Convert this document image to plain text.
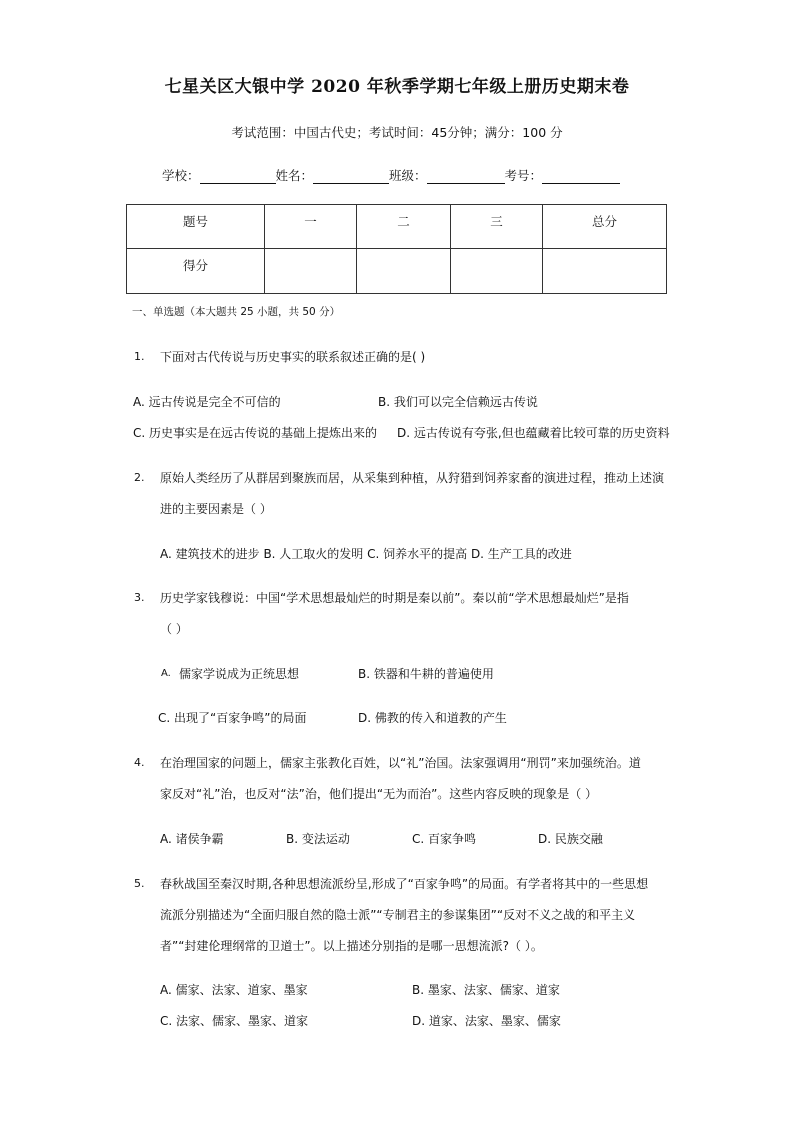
七星关区大银中学 2020 年秋季学期七年级上册历史期末卷
考试范围：中国古代史；考试时间：45分钟；满分：100 分
学校：	姓名：	班级：	考号：
题号	一	二	三	总分
得分				
一、单选题（本大题共 25 小题，共 50 分）
1. 下面对古代传说与历史事实的联系叙述正确的是( )
A. 远古传说是完全不可信的	B. 我们可以完全信赖远古传说
C. 历史事实是在远古传说的基础上提炼出来的 D. 远古传说有夸张,但也蕴藏着比较可靠的历史资料
2. 原始人类经历了从群居到聚族而居，从采集到种植，从狩猎到饲养家畜的演进过程，推动上述演
进的主要因素是（ ）
A. 建筑技术的进步 B. 人工取火的发明 C. 饲养水平的提高 D. 生产工具的改进
3. 历史学家钱穆说：中国“学术思想最灿烂的时期是秦以前”。秦以前“学术思想最灿烂”是指
（ ）
A. 儒家学说成为正统思想	B. 铁器和牛耕的普遍使用
C. 出现了“百家争鸣”的局面	D. 佛教的传入和道教的产生
4. 在治理国家的问题上，儒家主张教化百姓，以“礼”治国。法家强调用“刑罚”来加强统治。道
家反对“礼”治，也反对“法”治，他们提出“无为而治”。这些内容反映的现象是（ ）
A. 诸侯争霸	B. 变法运动	C. 百家争鸣	D. 民族交融
5. 春秋战国至秦汉时期,各种思想流派纷呈,形成了“百家争鸣”的局面。有学者将其中的一些思想
流派分别描述为“全面归服自然的隐士派”“专制君主的参谋集团”“反对不义之战的和平主义
者”“封建伦理纲常的卫道士”。以上描述分别指的是哪一思想流派?（ ）。
A. 儒家、法家、道家、墨家	B. 墨家、法家、儒家、道家
C. 法家、儒家、墨家、道家	D. 道家、法家、墨家、儒家
